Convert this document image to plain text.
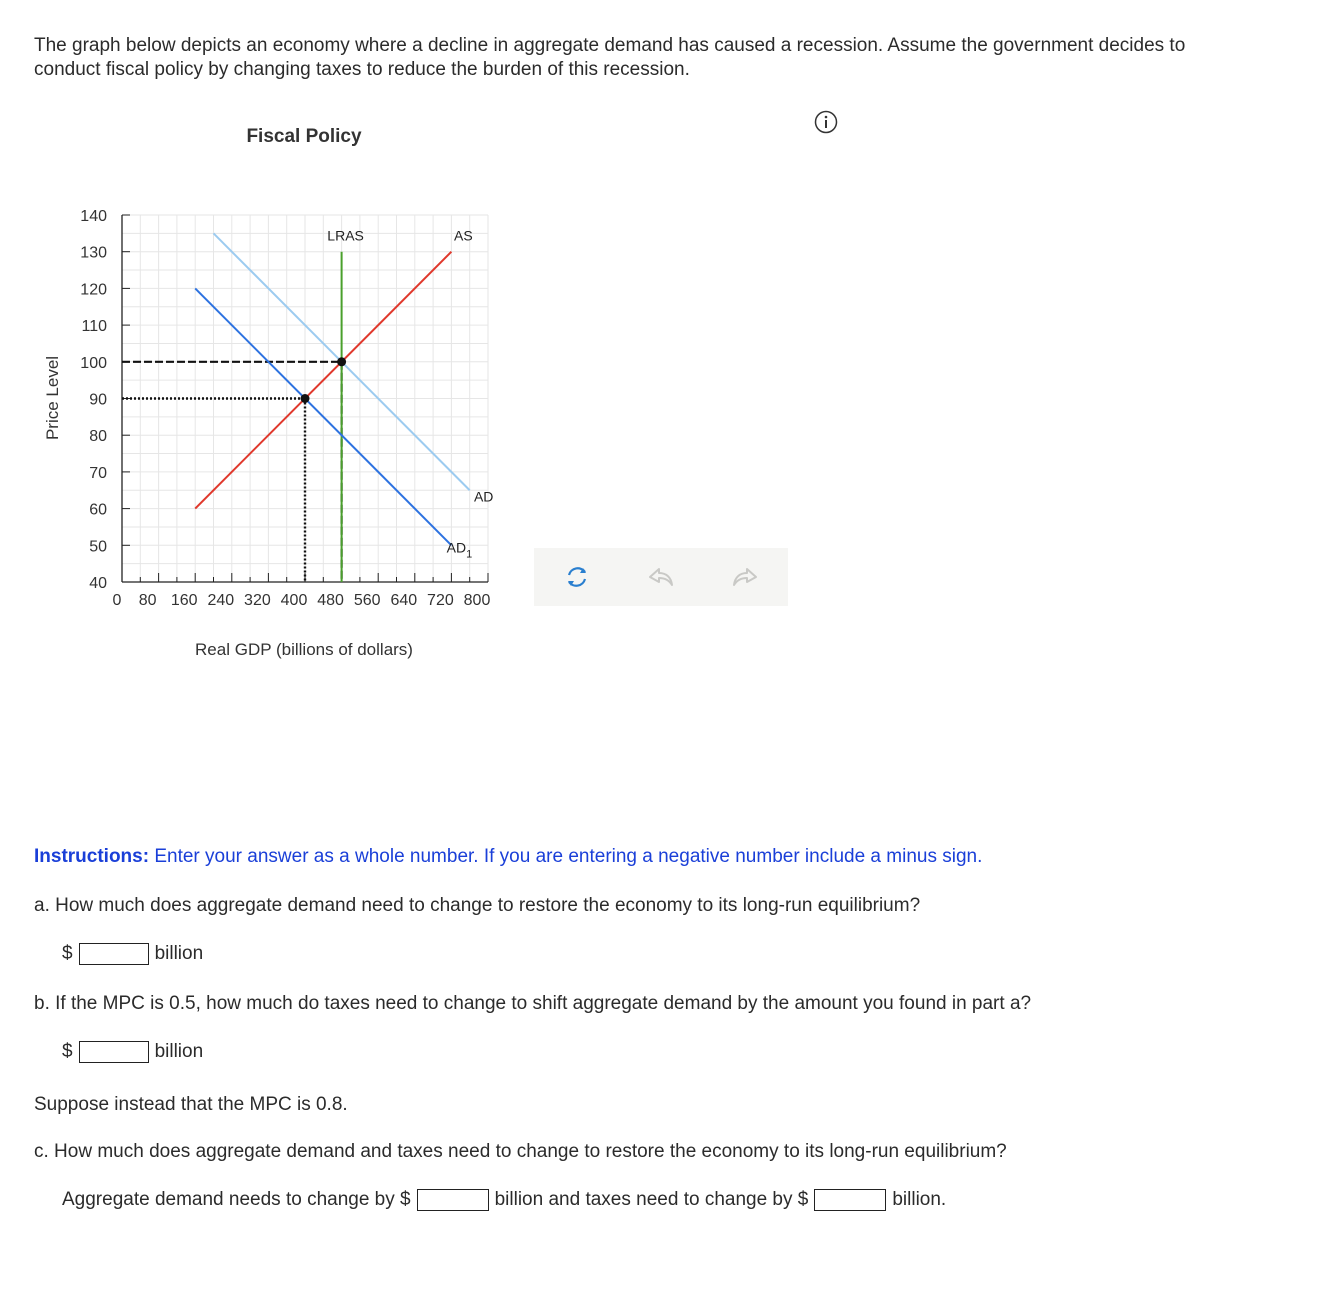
The graph below depicts an economy where a decline in aggregate demand has caused a recession. Assume the government decides to conduct fiscal policy by changing taxes to reduce the burden of this recession.
Fiscal Policy
LRAS	AS
AD
$AD_1$
40
50
60
70
80
90
100
110
120
130
140
0 80 160 240 320 400 480 560 640 720 800
Price Level
Real GDP (billions of dollars)
Instructions: Enter your answer as a whole number. If you are entering a negative number include a minus sign.
a. How much does aggregate demand need to change to restore the economy to its long-run equilibrium?
$	billion
b. If the MPC is 0.5, how much do taxes need to change to shift aggregate demand by the amount you found in part a?
$	billion
Suppose instead that the MPC is 0.8.
c. How much does aggregate demand and taxes need to change to restore the economy to its long-run equilibrium?
Aggregate demand needs to change by $	billion and taxes need to change by $	billion.
